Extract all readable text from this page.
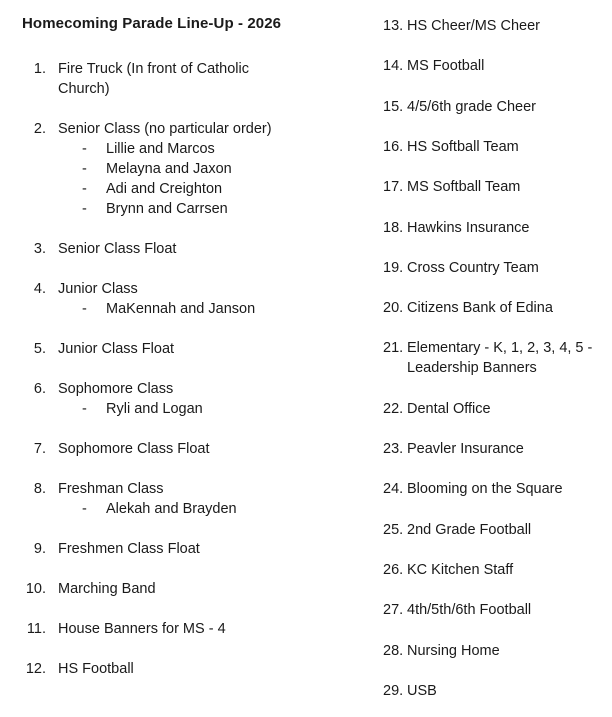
Homecoming Parade Line-Up - 2026
1. Fire Truck (In front of Catholic
Church)
2. Senior Class (no particular order)
- Lillie and Marcos
- Melayna and Jaxon
- Adi and Creighton
- Brynn and Carrsen
3. Senior Class Float
4. Junior Class
- MaKennah and Janson
5. Junior Class Float
6. Sophomore Class
- Ryli and Logan
7. Sophomore Class Float
8. Freshman Class
- Alekah and Brayden
9. Freshmen Class Float
10. Marching Band
11. House Banners for MS - 4
12. HS Football
13. HS Cheer/MS Cheer
14. MS Football
15. 4/5/6th grade Cheer
16. HS Softball Team
17. MS Softball Team
18. Hawkins Insurance
19. Cross Country Team
20. Citizens Bank of Edina
21. Elementary - K, 1, 2, 3, 4, 5 -
Leadership Banners
22. Dental Office
23. Peavler Insurance
24. Blooming on the Square
25. 2nd Grade Football
26. KC Kitchen Staff
27. 4th/5th/6th Football
28. Nursing Home
29. USB
